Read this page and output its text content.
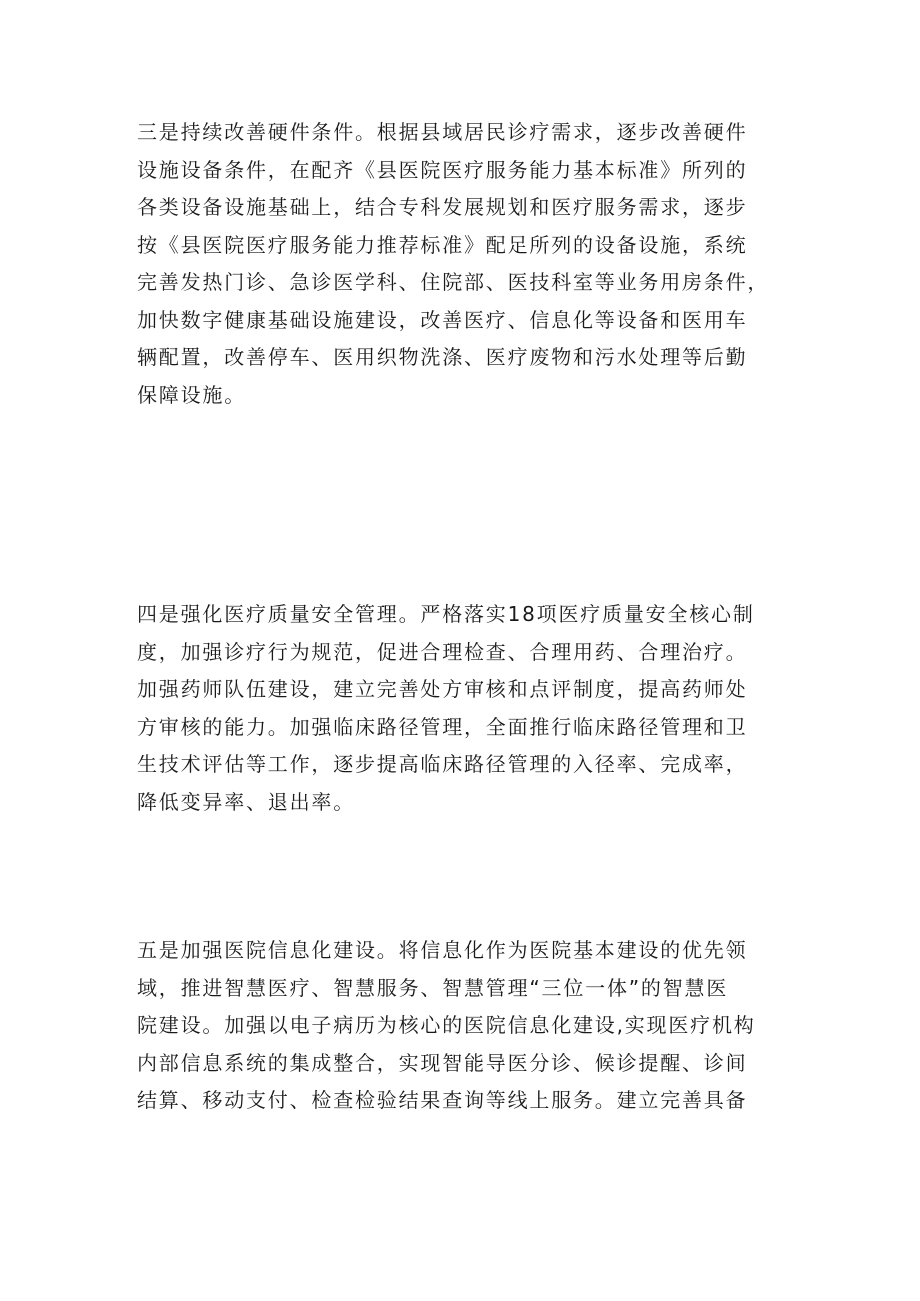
三是持续改善硬件条件。根据县域居民诊疗需求，逐步改善硬件
设施设备条件，在配齐《县医院医疗服务能力基本标准》所列的
各类设备设施基础上，结合专科发展规划和医疗服务需求，逐步
按《县医院医疗服务能力推荐标准》配足所列的设备设施，系统
完善发热门诊、急诊医学科、住院部、医技科室等业务用房条件，
加快数字健康基础设施建设，改善医疗、信息化等设备和医用车
辆配置，改善停车、医用织物洗涤、医疗废物和污水处理等后勤
保障设施。
四是强化医疗质量安全管理。严格落实18项医疗质量安全核心制
度，加强诊疗行为规范，促进合理检查、合理用药、合理治疗。
加强药师队伍建设，建立完善处方审核和点评制度，提高药师处
方审核的能力。加强临床路径管理，全面推行临床路径管理和卫
生技术评估等工作，逐步提高临床路径管理的入径率、完成率，
降低变异率、退出率。
五是加强医院信息化建设。将信息化作为医院基本建设的优先领
域，推进智慧医疗、智慧服务、智慧管理“三位一体”的智慧医
院建设。加强以电子病历为核心的医院信息化建设,实现医疗机构
内部信息系统的集成整合，实现智能导医分诊、候诊提醒、诊间
结算、移动支付、检查检验结果查询等线上服务。建立完善具备
